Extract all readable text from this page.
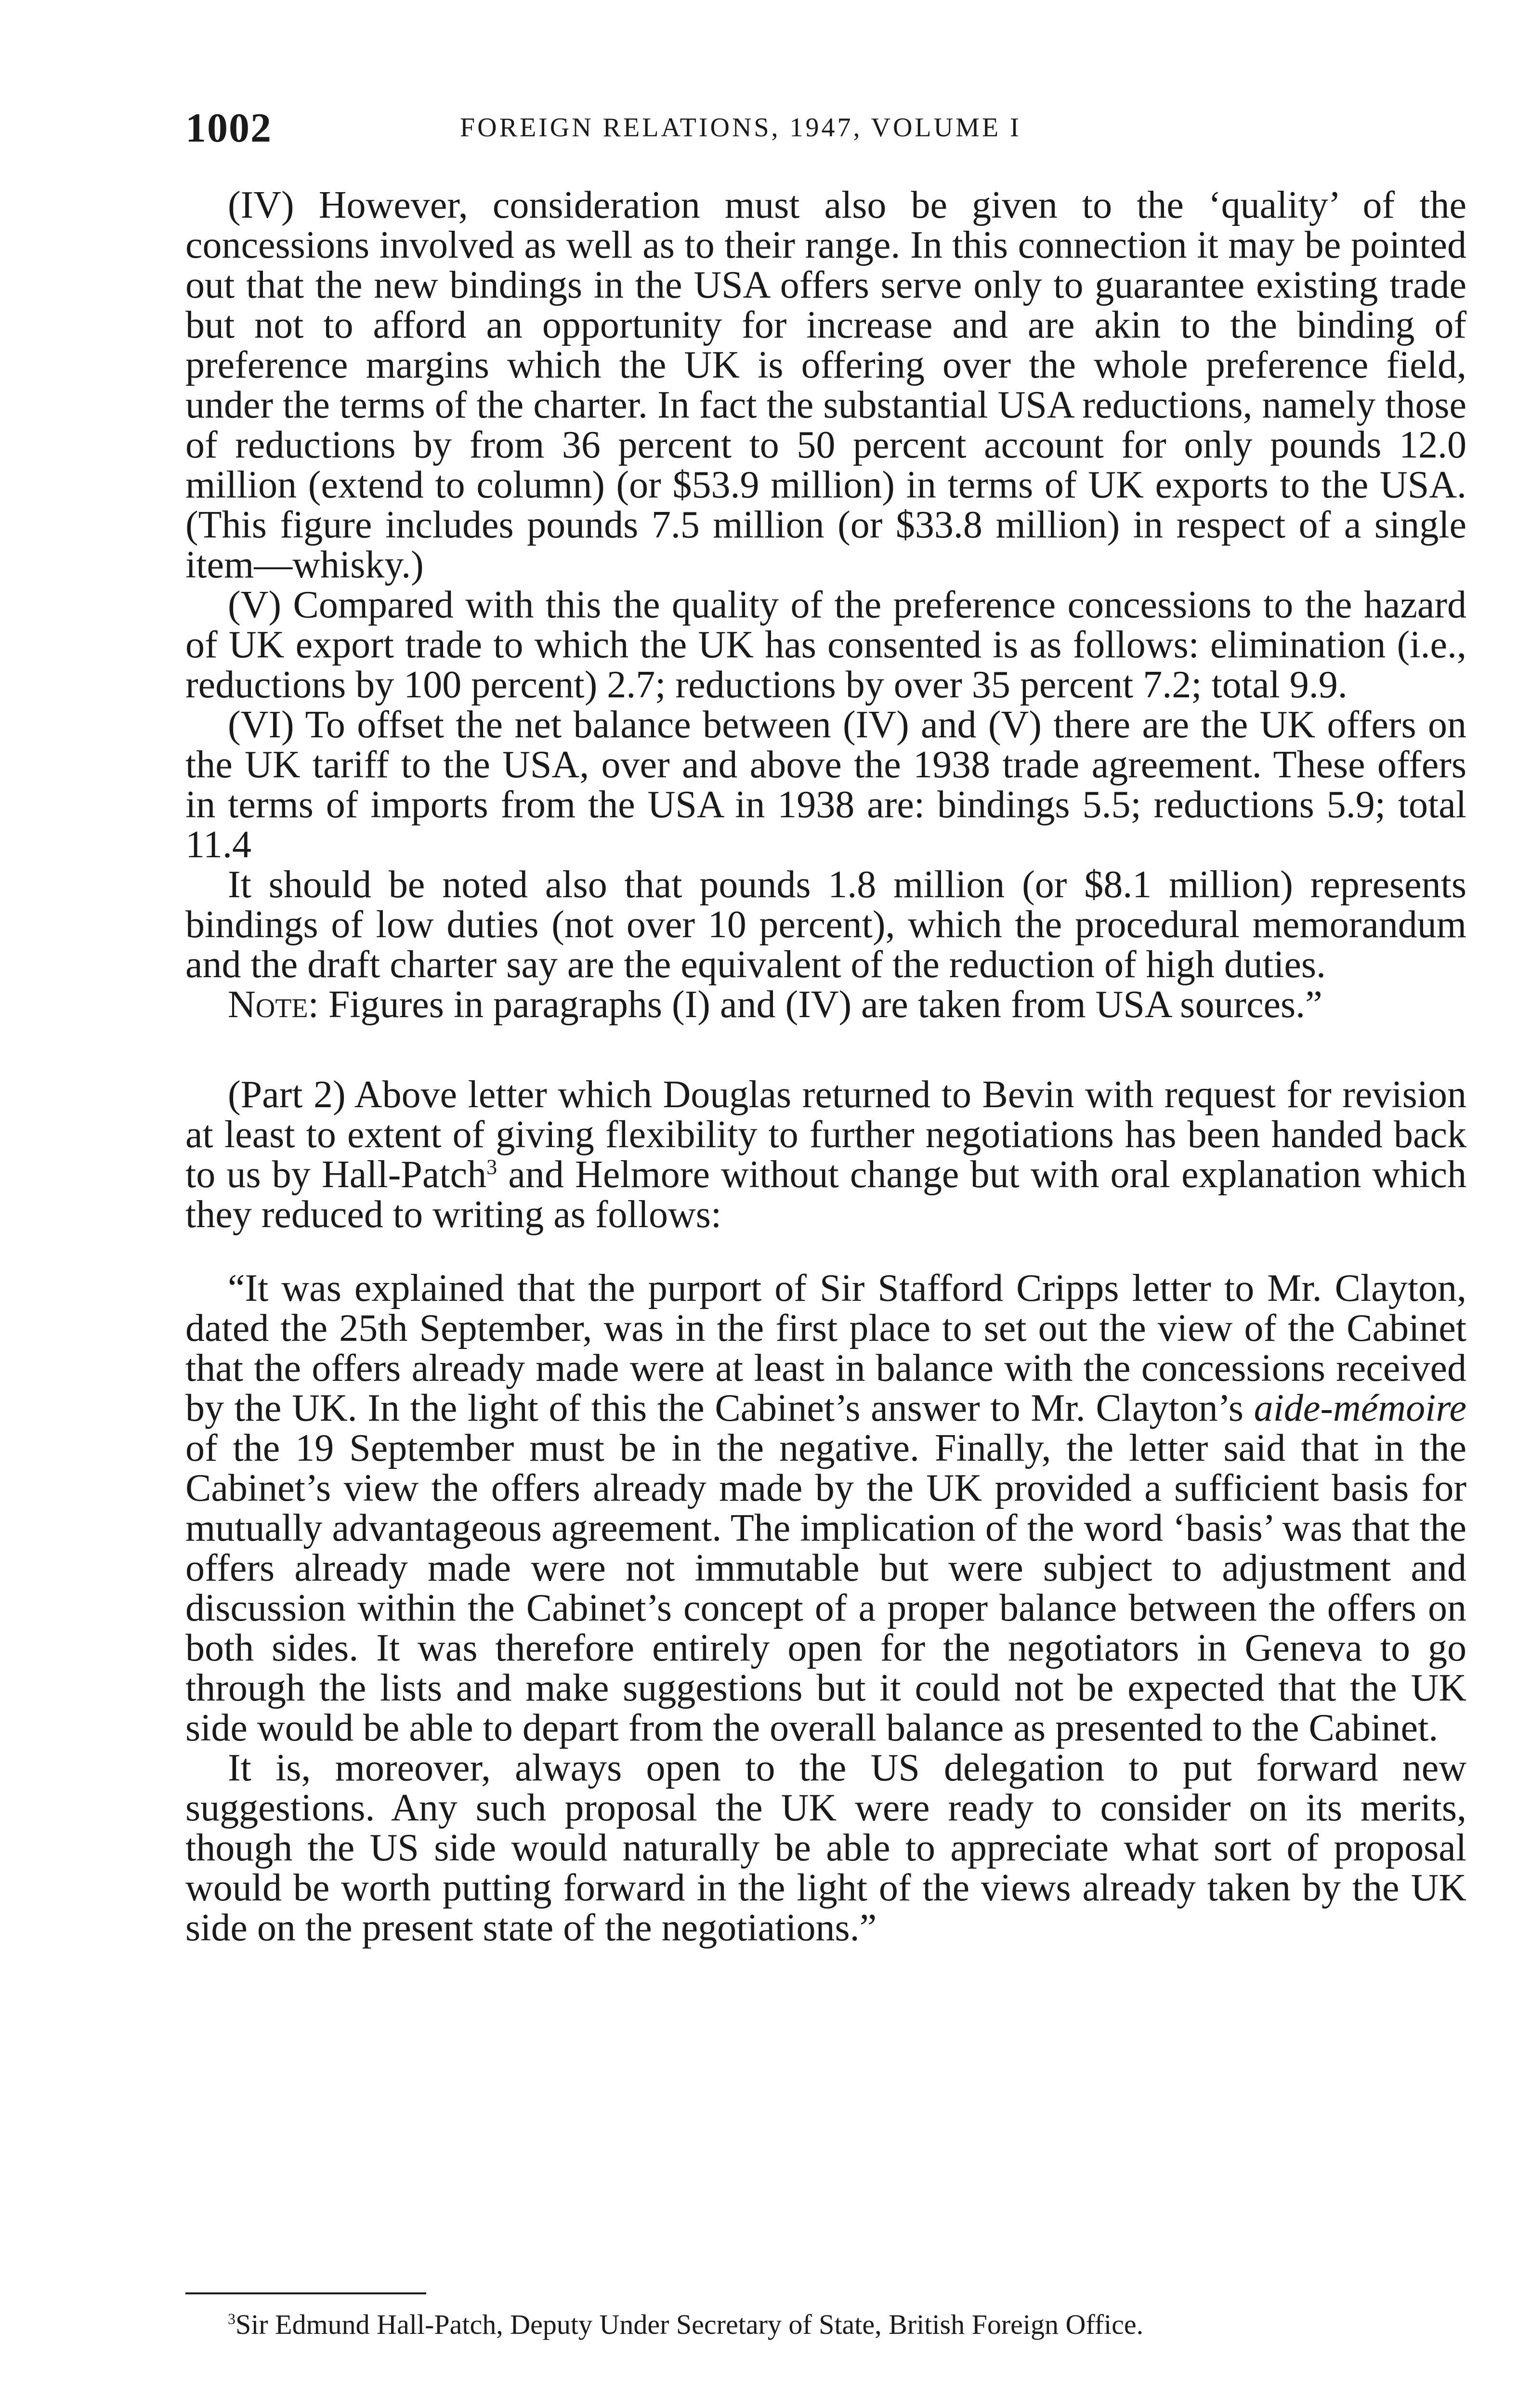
1002	FOREIGN RELATIONS, 1947, VOLUME I

(IV) However, consideration must also be given to the ‘quality’ of the concessions involved as well as to their range. In this connection it may be pointed out that the new bindings in the USA offers serve only to guarantee existing trade but not to afford an opportunity for increase and are akin to the binding of preference margins which the UK is offering over the whole preference field, under the terms of the charter. In fact the substantial USA reductions, namely those of reductions by from 36 percent to 50 percent account for only pounds 12.0 million (extend to column) (or $53.9 million) in terms of UK exports to the USA. (This figure includes pounds 7.5 million (or $33.8 million) in respect of a single item—whisky.)

(V) Compared with this the quality of the preference concessions to the hazard of UK export trade to which the UK has consented is as follows: elimination (i.e., reductions by 100 percent) 2.7; reductions by over 35 percent 7.2; total 9.9.

(VI) To offset the net balance between (IV) and (V) there are the UK offers on the UK tariff to the USA, over and above the 1938 trade agreement. These offers in terms of imports from the USA in 1938 are: bindings 5.5; reductions 5.9; total 11.4

It should be noted also that pounds 1.8 million (or $8.1 million) represents bindings of low duties (not over 10 percent), which the procedural memorandum and the draft charter say are the equivalent of the reduction of high duties.

Note: Figures in paragraphs (I) and (IV) are taken from USA sources.”

(Part 2) Above letter which Douglas returned to Bevin with request for revision at least to extent of giving flexibility to further negotiations has been handed back to us by Hall-Patch$^3$ and Helmore without change but with oral explanation which they reduced to writing as follows:

“It was explained that the purport of Sir Stafford Cripps letter to Mr. Clayton, dated the 25th September, was in the first place to set out the view of the Cabinet that the offers already made were at least in balance with the concessions received by the UK. In the light of this the Cabinet’s answer to Mr. Clayton’s aide-mémoire of the 19 September must be in the negative. Finally, the letter said that in the Cabinet’s view the offers already made by the UK provided a sufficient basis for mutually advantageous agreement. The implication of the word ‘basis’ was that the offers already made were not immutable but were subject to adjustment and discussion within the Cabinet’s concept of a proper balance between the offers on both sides. It was therefore entirely open for the negotiators in Geneva to go through the lists and make suggestions but it could not be expected that the UK side would be able to depart from the overall balance as presented to the Cabinet.

It is, moreover, always open to the US delegation to put forward new suggestions. Any such proposal the UK were ready to consider on its merits, though the US side would naturally be able to appreciate what sort of proposal would be worth putting forward in the light of the views already taken by the UK side on the present state of the negotiations.”

$^3$Sir Edmund Hall-Patch, Deputy Under Secretary of State, British Foreign Office.
